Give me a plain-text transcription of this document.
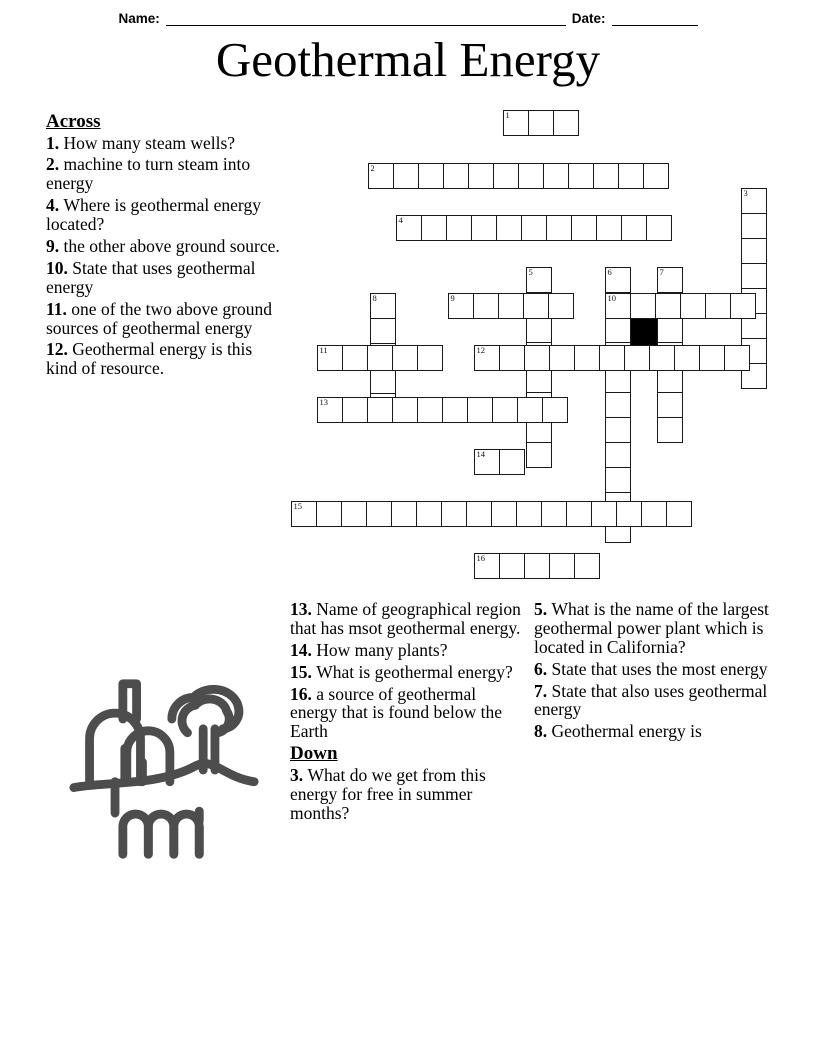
Name:	Date:
Geothermal Energy
Across
1. How many steam wells?
2. machine to turn steam into energy
4. Where is geothermal energy located?
9. the other above ground source.
10. State that uses geothermal energy
11. one of the two above ground sources of geothermal energy
12. Geothermal energy is this kind of resource.
13. Name of geographical region that has msot geothermal energy.
14. How many plants?
15. What is geothermal energy?
16. a source of geothermal energy that is found below the Earth
Down
3. What do we get from this energy for free in summer months?
5. What is the name of the largest geothermal power plant which is located in California?
6. State that uses the most energy
7. State that also uses geothermal energy
8. Geothermal energy is
1
2
3
4
5	6	7
8	9	10
11	12
13
14
15
16
